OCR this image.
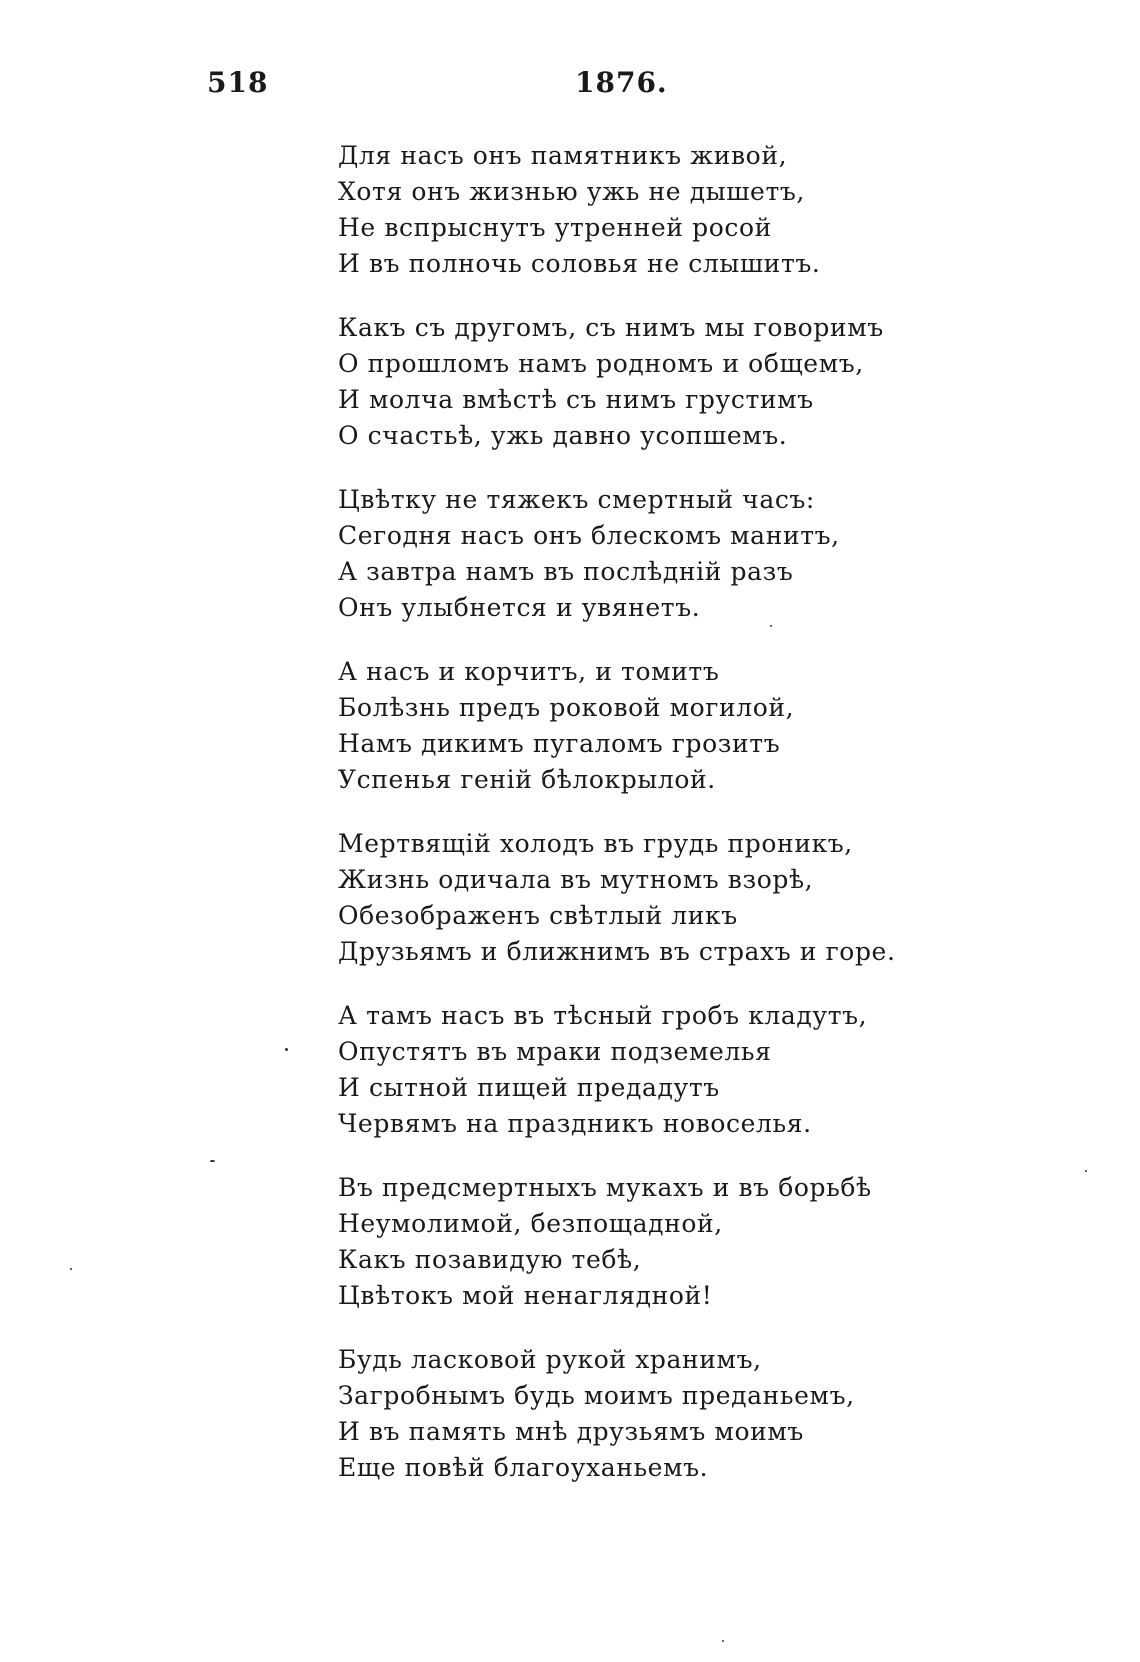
518	1876.
Для насъ онъ памятникъ живой,
Хотя онъ жизнью ужь не дышетъ,
Не вспрыснутъ утренней росой
И въ полночь соловья не слышитъ.
Какъ съ другомъ, съ нимъ мы говоримъ
О прошломъ намъ родномъ и общемъ,
И молча вмѣстѣ съ нимъ грустимъ
О счастьѣ, ужь давно усопшемъ.
Цвѣтку не тяжекъ смертный часъ:
Сегодня насъ онъ блескомъ манитъ,
А завтра намъ въ послѣдній разъ
Онъ улыбнется и увянетъ.
А насъ и корчитъ, и томитъ
Болѣзнь предъ роковой могилой,
Намъ дикимъ пугаломъ грозитъ
Успенья геній бѣлокрылой.
Мертвящій холодъ въ грудь проникъ,
Жизнь одичала въ мутномъ взорѣ,
Обезображенъ свѣтлый ликъ
Друзьямъ и ближнимъ въ страхъ и горе.
А тамъ насъ въ тѣсный гробъ кладутъ,
Опустятъ въ мраки подземелья
И сытной пищей предадутъ
Червямъ на праздникъ новоселья.
Въ предсмертныхъ мукахъ и въ борьбѣ
Неумолимой, безпощадной,
Какъ позавидую тебѣ,
Цвѣтокъ мой ненаглядной!
Будь ласковой рукой хранимъ,
Загробнымъ будь моимъ преданьемъ,
И въ память мнѣ друзьямъ моимъ
Еще повѣй благоуханьемъ.
